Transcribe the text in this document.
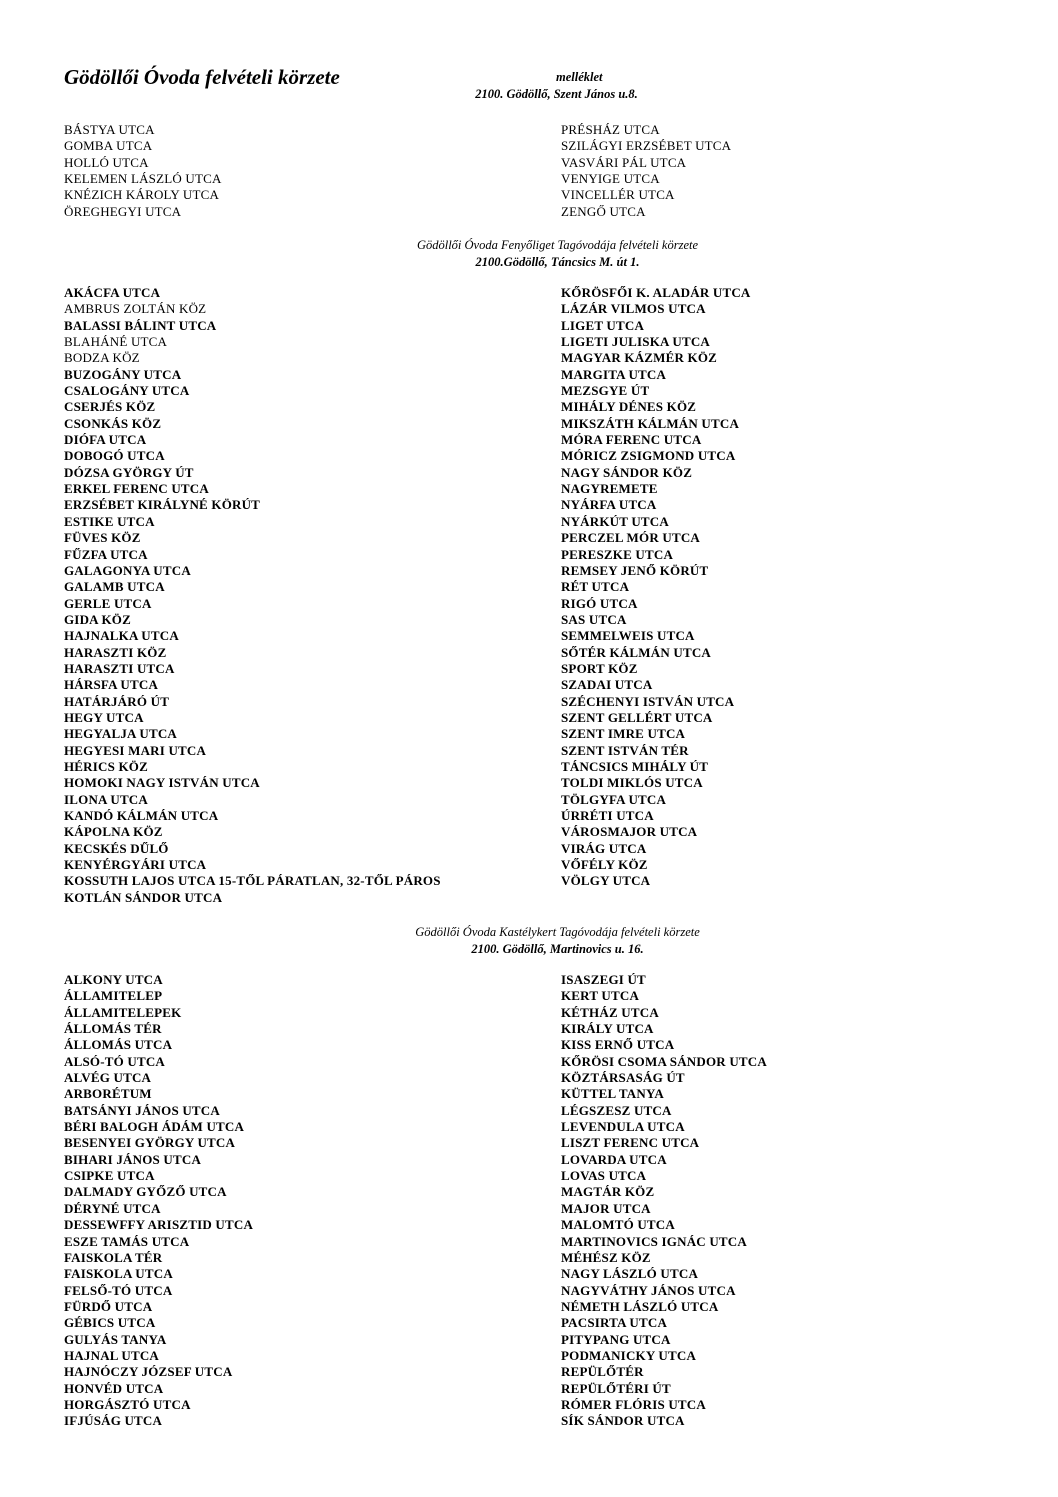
Gödöllői Óvoda felvételi körzete	melléklet
2100. Gödöllő, Szent János u.8.
BÁSTYA UTCA
GOMBA UTCA
HOLLÓ UTCA
KELEMEN LÁSZLÓ UTCA
KNÉZICH KÁROLY UTCA
ÖREGHEGYI UTCA
PRÉSHÁZ UTCA
SZILÁGYI ERZSÉBET UTCA
VASVÁRI PÁL UTCA
VENYIGE UTCA
VINCELLÉR UTCA
ZENGŐ UTCA
Gödöllői Óvoda Fenyőliget Tagóvodája felvételi körzete
2100.Gödöllő, Táncsics M. út 1.
AKÁCFA UTCA
AMBRUS ZOLTÁN KÖZ
BALASSI BÁLINT UTCA
BLAHÁNÉ UTCA
BODZA KÖZ
BUZOGÁNY UTCA
CSALOGÁNY UTCA
CSERJÉS KÖZ
CSONKÁS KÖZ
DIÓFA UTCA
DOBOGÓ UTCA
DÓZSA GYÖRGY ÚT
ERKEL FERENC UTCA
ERZSÉBET KIRÁLYNÉ KÖRÚT
ESTIKE UTCA
FÜVES KÖZ
FŰZFA UTCA
GALAGONYA UTCA
GALAMB UTCA
GERLE UTCA
GIDA KÖZ
HAJNALKA UTCA
HARASZTI KÖZ
HARASZTI UTCA
HÁRSFA UTCA
HATÁRJÁRÓ ÚT
HEGY UTCA
HEGYALJA UTCA
HEGYESI MARI UTCA
HÉRICS KÖZ
HOMOKI NAGY ISTVÁN UTCA
ILONA UTCA
KANDÓ KÁLMÁN UTCA
KÁPOLNA KÖZ
KECSKÉS DŰLŐ
KENYÉRGYÁRI UTCA
KOSSUTH LAJOS UTCA 15-TŐL PÁRATLAN, 32-TŐL PÁROS
KOTLÁN SÁNDOR UTCA
KŐRÖSFŐI K. ALADÁR UTCA
LÁZÁR VILMOS UTCA
LIGET UTCA
LIGETI JULISKA UTCA
MAGYAR KÁZMÉR KÖZ
MARGITA UTCA
MEZSGYE ÚT
MIHÁLY DÉNES KÖZ
MIKSZÁTH KÁLMÁN UTCA
MÓRA FERENC UTCA
MÓRICZ ZSIGMOND UTCA
NAGY SÁNDOR KÖZ
NAGYREMETE
NYÁRFA UTCA
NYÁRKÚT UTCA
PERCZEL MÓR UTCA
PERESZKE UTCA
REMSEY JENŐ KÖRÚT
RÉT UTCA
RIGÓ UTCA
SAS UTCA
SEMMELWEIS UTCA
SŐTÉR KÁLMÁN UTCA
SPORT KÖZ
SZADAI UTCA
SZÉCHENYI ISTVÁN UTCA
SZENT GELLÉRT UTCA
SZENT IMRE UTCA
SZENT ISTVÁN TÉR
TÁNCSICS MIHÁLY ÚT
TOLDI MIKLÓS UTCA
TÖLGYFA UTCA
ÚRRÉTI UTCA
VÁROSMAJOR UTCA
VIRÁG UTCA
VŐFÉLY KÖZ
VÖLGY UTCA
Gödöllői Óvoda Kastélykert Tagóvodája felvételi körzete
2100. Gödöllő, Martinovics u. 16.
ALKONY UTCA
ÁLLAMITELEP
ÁLLAMITELEPEK
ÁLLOMÁS TÉR
ÁLLOMÁS UTCA
ALSÓ-TÓ UTCA
ALVÉG UTCA
ARBORÉTUM
BATSÁNYI JÁNOS UTCA
BÉRI BALOGH ÁDÁM UTCA
BESENYEI GYÖRGY UTCA
BIHARI JÁNOS UTCA
CSIPKE UTCA
DALMADY GYŐZŐ UTCA
DÉRYNÉ UTCA
DESSEWFFY ARISZTID UTCA
ESZE TAMÁS UTCA
FAISKOLA TÉR
FAISKOLA UTCA
FELSŐ-TÓ UTCA
FÜRDŐ UTCA
GÉBICS UTCA
GULYÁS TANYA
HAJNAL UTCA
HAJNÓCZY JÓZSEF UTCA
HONVÉD UTCA
HORGÁSZTÓ UTCA
IFJÚSÁG UTCA
ISASZEGI ÚT
KERT UTCA
KÉTHÁZ UTCA
KIRÁLY UTCA
KISS ERNŐ UTCA
KŐRÖSI CSOMA SÁNDOR UTCA
KÖZTÁRSASÁG ÚT
KÜTTEL TANYA
LÉGSZESZ UTCA
LEVENDULA UTCA
LISZT FERENC UTCA
LOVARDA UTCA
LOVAS UTCA
MAGTÁR KÖZ
MAJOR UTCA
MALOMTÓ UTCA
MARTINOVICS IGNÁC UTCA
MÉHÉSZ KÖZ
NAGY LÁSZLÓ UTCA
NAGYVÁTHY JÁNOS UTCA
NÉMETH LÁSZLÓ UTCA
PACSIRTA UTCA
PITYPANG UTCA
PODMANICKY UTCA
REPÜLŐTÉR
REPÜLŐTÉRI ÚT
RÓMER FLÓRIS UTCA
SÍK SÁNDOR UTCA
